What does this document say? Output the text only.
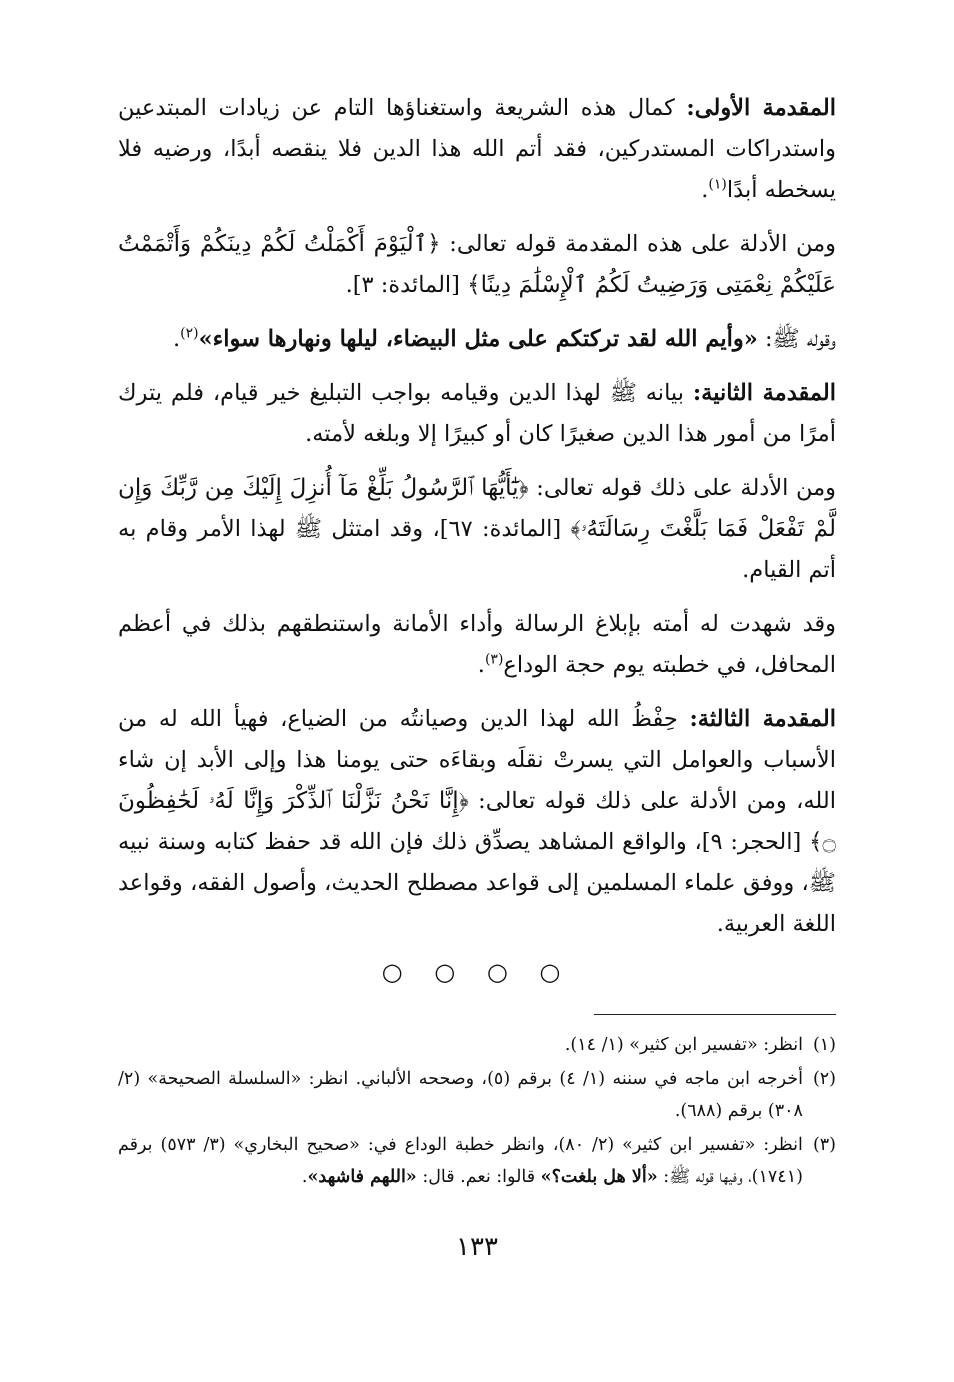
المقدمة الأولى: كمال هذه الشريعة واستغناؤها التام عن زيادات المبتدعين واستدراكات المستدركين، فقد أتم الله هذا الدين فلا ينقصه أبدًا، ورضيه فلا يسخطه أبدًا$^{(١)}$.

ومن الأدلة على هذه المقدمة قوله تعالى: ﴿ٱلْيَوْمَ أَكْمَلْتُ لَكُمْ دِينَكُمْ وَأَتْمَمْتُ عَلَيْكُمْ نِعْمَتِى وَرَضِيتُ لَكُمُ ٱلْإِسْلَٰمَ دِينًا﴾ [المائدة: ٣].

وقوله ﷺ: «وأيم الله لقد تركتكم على مثل البيضاء، ليلها ونهارها سواء»$^{(٢)}$.

المقدمة الثانية: بيانه ﷺ لهذا الدين وقيامه بواجب التبليغ خير قيام، فلم يترك أمرًا من أمور هذا الدين صغيرًا كان أو كبيرًا إلا وبلغه لأمته.

ومن الأدلة على ذلك قوله تعالى: ﴿يَٰٓأَيُّهَا ٱلرَّسُولُ بَلِّغْ مَآ أُنزِلَ إِلَيْكَ مِن رَّبِّكَ وَإِن لَّمْ تَفْعَلْ فَمَا بَلَّغْتَ رِسَالَتَهُۥ﴾ [المائدة: ٦٧]، وقد امتثل ﷺ لهذا الأمر وقام به أتم القيام.

وقد شهدت له أمته بإبلاغ الرسالة وأداء الأمانة واستنطقهم بذلك في أعظم المحافل، في خطبته يوم حجة الوداع$^{(٣)}$.

المقدمة الثالثة: حِفْظُ الله لهذا الدين وصيانتُه من الضياع، فهيأ الله له من الأسباب والعوامل التي يسرتْ نقلَه وبقاءَه حتى يومنا هذا وإلى الأبد إن شاء الله، ومن الأدلة على ذلك قوله تعالى: ﴿إِنَّا نَحْنُ نَزَّلْنَا ٱلذِّكْرَ وَإِنَّا لَهُۥ لَحَٰفِظُونَ ۝﴾ [الحجر: ٩]، والواقع المشاهد يصدِّق ذلك فإن الله قد حفظ كتابه وسنة نبيه ﷺ، ووفق علماء المسلمين إلى قواعد مصطلح الحديث، وأصول الفقه، وقواعد اللغة العربية.

○ ○ ○ ○
(١)
انظر: «تفسير ابن كثير» (١/ ١٤).
(٢)
أخرجه ابن ماجه في سننه (١/ ٤) برقم (٥)، وصححه الألباني. انظر: «السلسلة الصحيحة» (٢/ ٣٠٨) برقم (٦٨٨).
(٣)
انظر: «تفسير ابن كثير» (٢/ ٨٠)، وانظر خطبة الوداع في: «صحيح البخاري» (٣/ ٥٧٣) برقم (١٧٤١)، وفيها قوله ﷺ: «ألا هل بلغت؟» قالوا: نعم. قال: «اللهم فاشهد».
١٣٣
